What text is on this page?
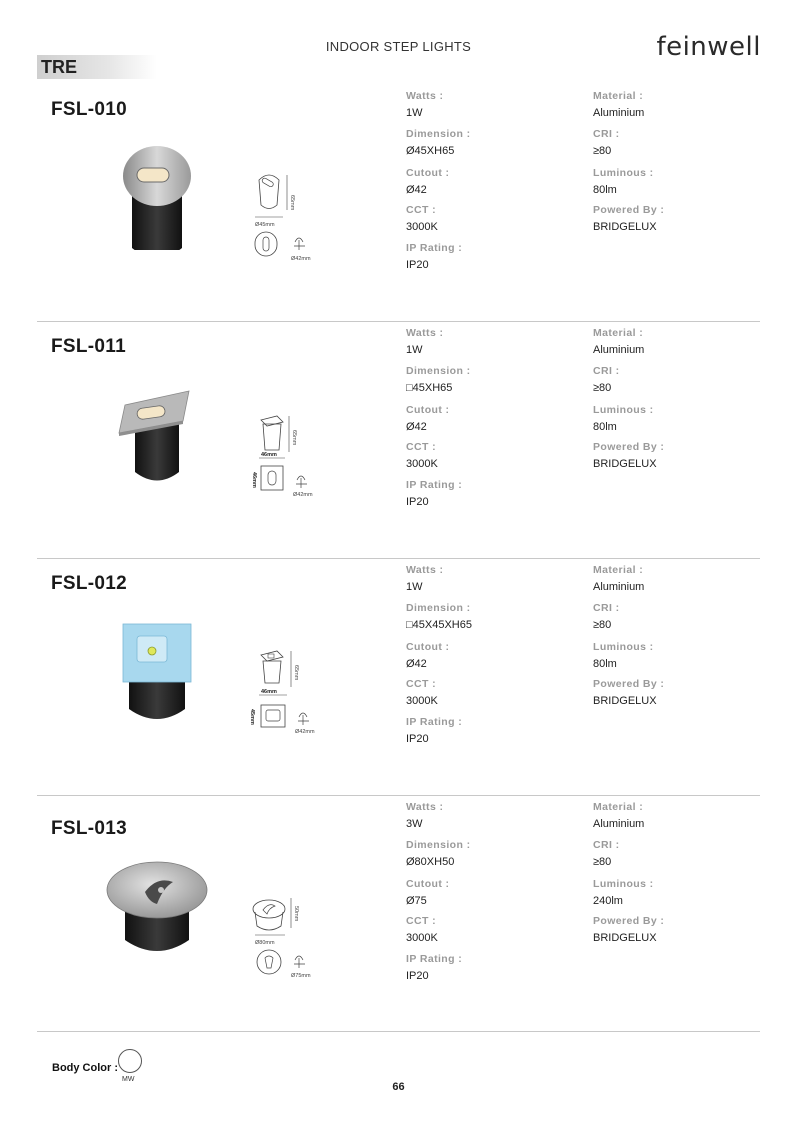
INDOOR STEP LIGHTS	feinwell
TRE
FSL-010
65mm
Ø45mm
Ø42mm
Watts :
1W
Dimension :
Ø45XH65
Cutout :
Ø42
CCT :
3000K
IP Rating :
IP20
Material :
Aluminium
CRI :
≥80
Luminous :
80lm
Powered By :
BRIDGELUX
FSL-011
65mm
46mm
46mm
Ø42mm
Watts :
1W
Dimension :
□45XH65
Cutout :
Ø42
CCT :
3000K
IP Rating :
IP20
Material :
Aluminium
CRI :
≥80
Luminous :
80lm
Powered By :
BRIDGELUX
FSL-012
65mm
46mm
45mm
Ø42mm
Watts :
1W
Dimension :
□45X45XH65
Cutout :
Ø42
CCT :
3000K
IP Rating :
IP20
Material :
Aluminium
CRI :
≥80
Luminous :
80lm
Powered By :
BRIDGELUX
FSL-013
50mm
Ø80mm
Ø75mm
Watts :
3W
Dimension :
Ø80XH50
Cutout :
Ø75
CCT :
3000K
IP Rating :
IP20
Material :
Aluminium
CRI :
≥80
Luminous :
240lm
Powered By :
BRIDGELUX
Body Color :
MW
66
